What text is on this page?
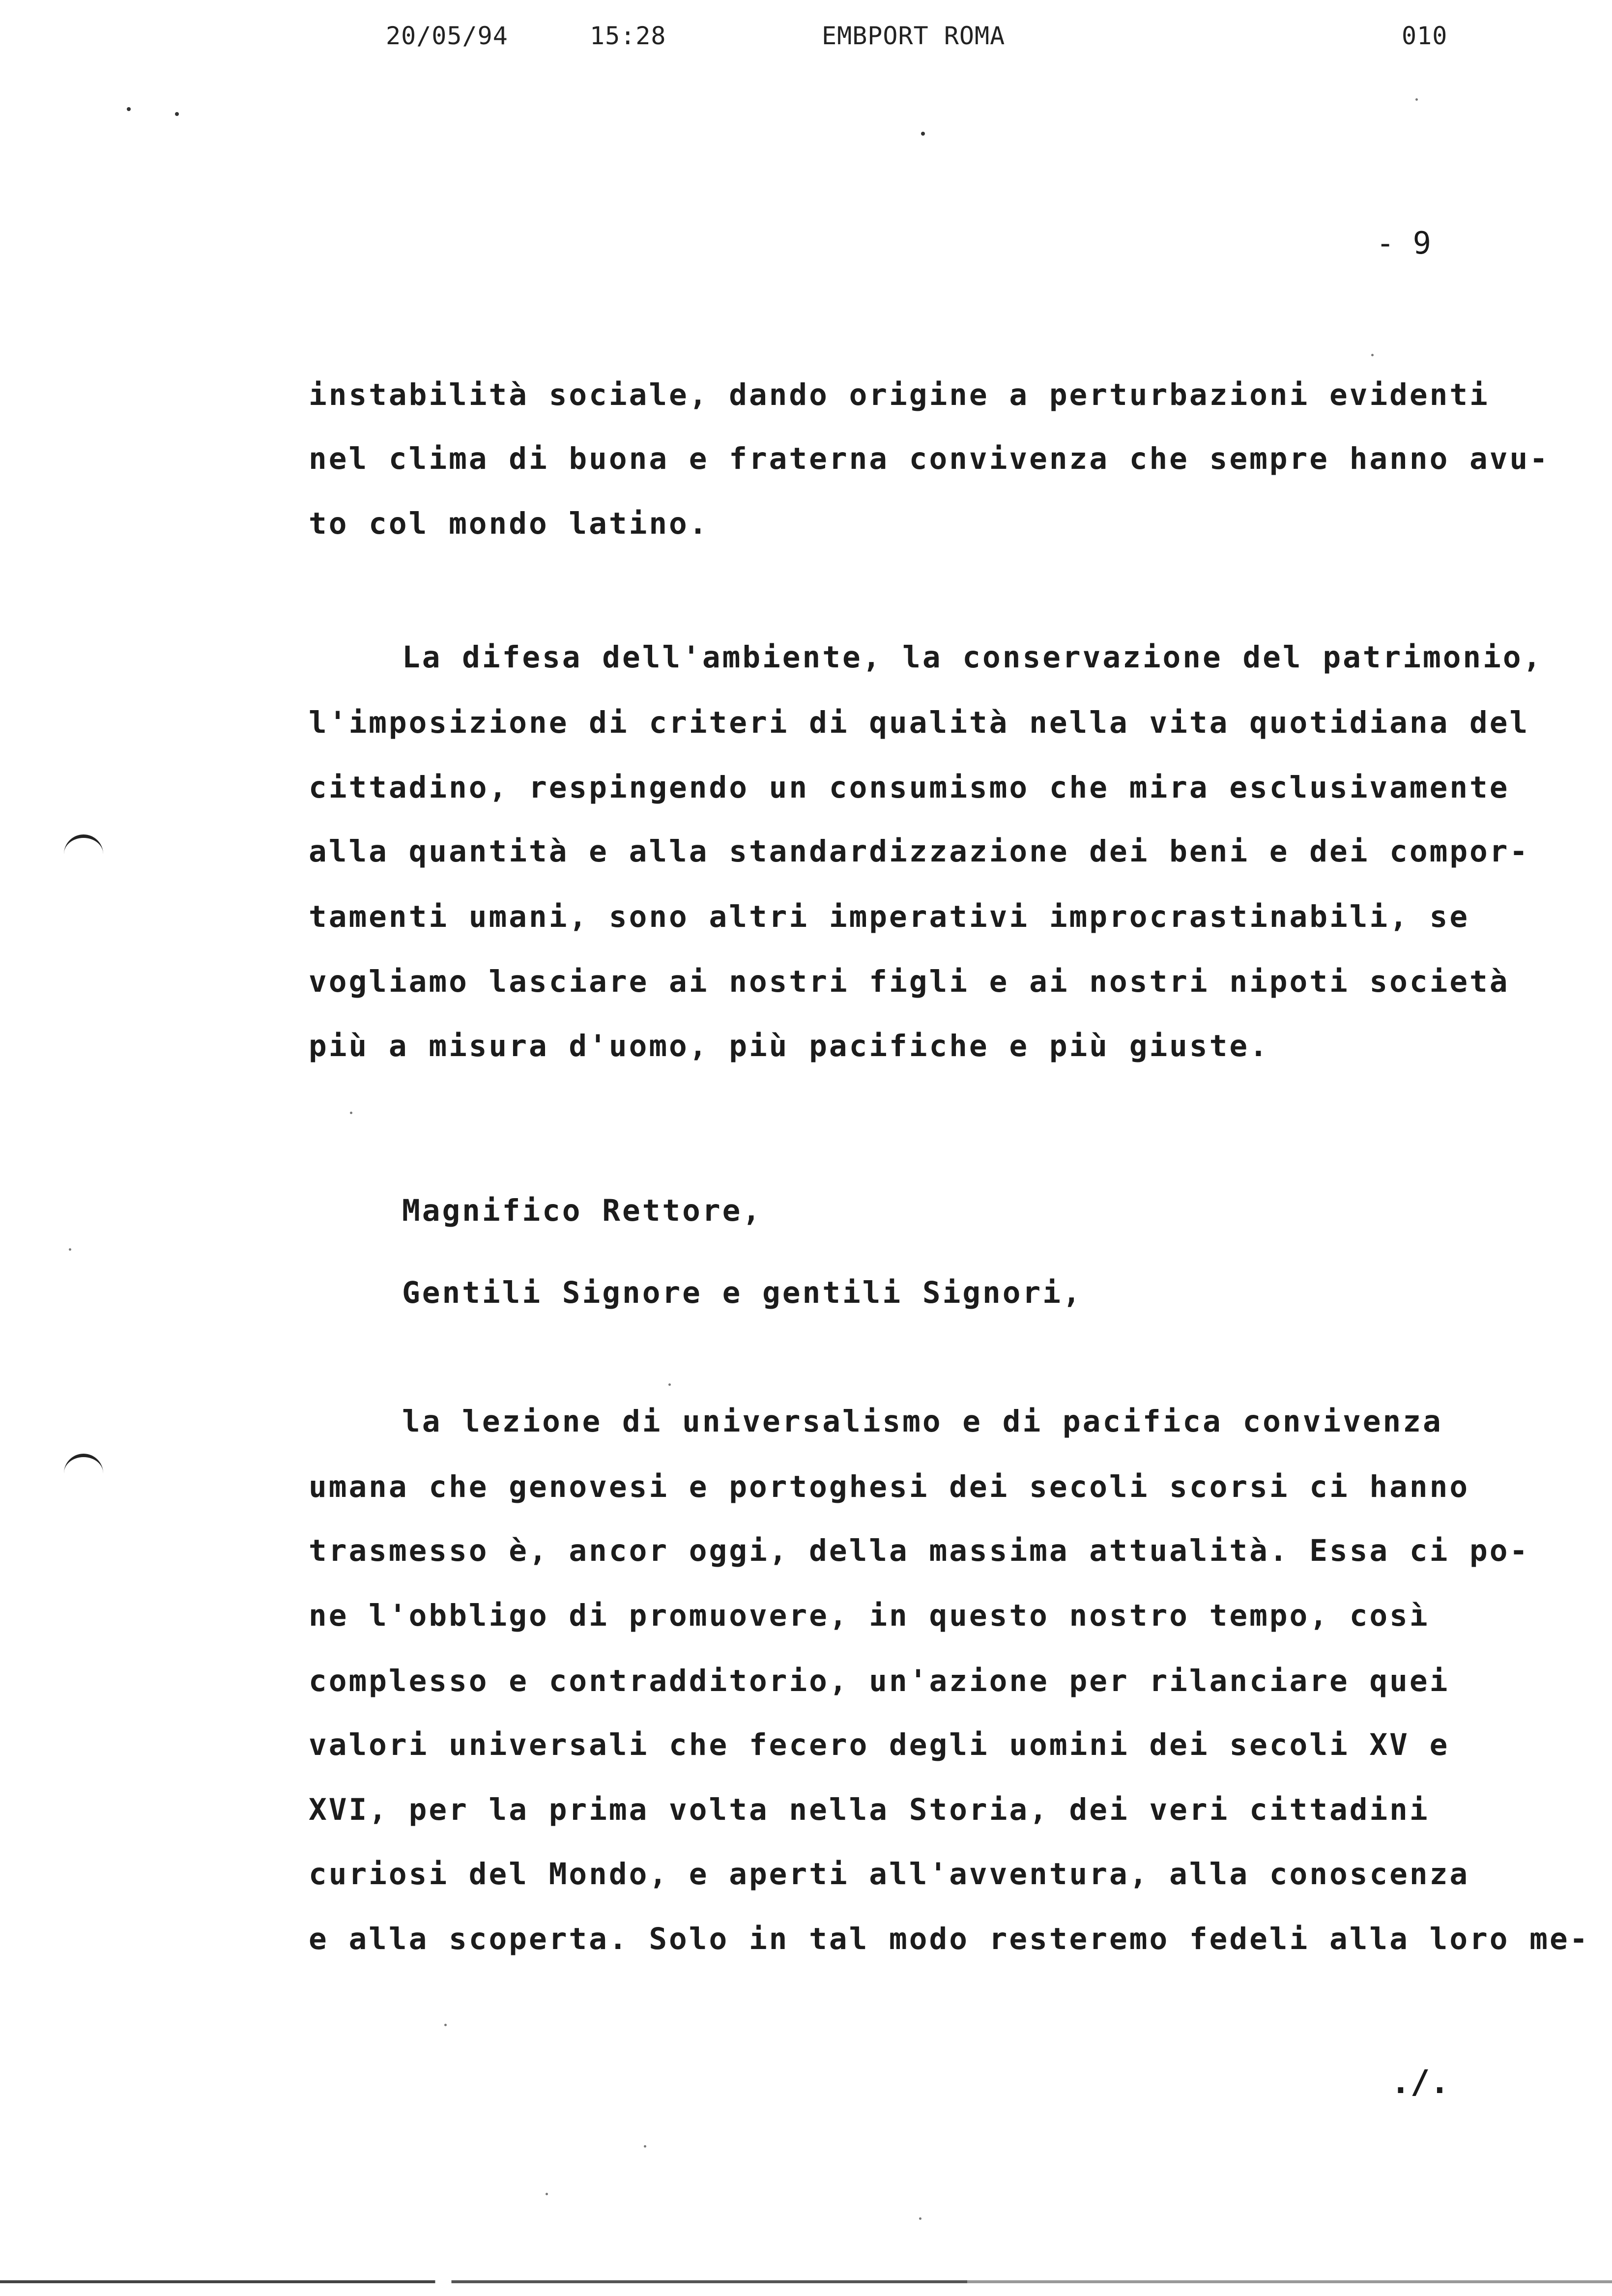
20/05/94	15:28	EMBPORT ROMA	010
- 9
instabilità sociale, dando origine a perturbazioni evidenti
nel clima di buona e fraterna convivenza che sempre hanno avu-
to col mondo latino.
La difesa dell'ambiente, la conservazione del patrimonio,
l'imposizione di criteri di qualità nella vita quotidiana del
cittadino, respingendo un consumismo che mira esclusivamente
alla quantità e alla standardizzazione dei beni e dei compor-
tamenti umani, sono altri imperativi improcrastinabili, se
vogliamo lasciare ai nostri figli e ai nostri nipoti società
più a misura d'uomo, più pacifiche e più giuste.
Magnifico Rettore,
Gentili Signore e gentili Signori,
la lezione di universalismo e di pacifica convivenza
umana che genovesi e portoghesi dei secoli scorsi ci hanno
trasmesso è, ancor oggi, della massima attualità. Essa ci po-
ne l'obbligo di promuovere, in questo nostro tempo, così
complesso e contradditorio, un'azione per rilanciare quei
valori universali che fecero degli uomini dei secoli XV e
XVI, per la prima volta nella Storia, dei veri cittadini
curiosi del Mondo, e aperti all'avventura, alla conoscenza
e alla scoperta. Solo in tal modo resteremo fedeli alla loro me-
./.
